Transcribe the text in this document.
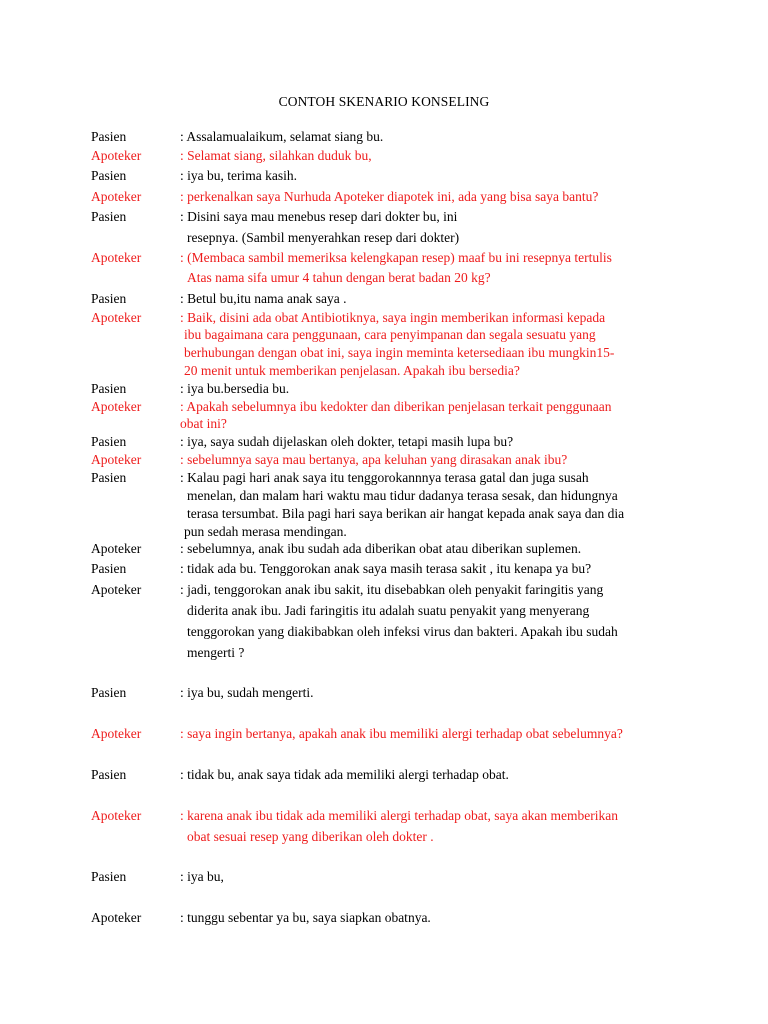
CONTOH SKENARIO KONSELING
Pasien	: Assalamualaikum, selamat siang bu.
Apoteker	: Selamat siang, silahkan duduk bu,
Pasien	: iya bu, terima kasih.
Apoteker	: perkenalkan saya Nurhuda Apoteker diapotek ini, ada yang bisa saya bantu?
Pasien	: Disini saya mau menebus resep dari dokter bu, ini
resepnya. (Sambil menyerahkan resep dari dokter)
Apoteker	: (Membaca sambil memeriksa kelengkapan resep) maaf bu ini resepnya tertulis
Atas nama sifa umur 4 tahun dengan berat badan 20 kg?
Pasien	: Betul bu,itu nama anak saya .
Apoteker	: Baik, disini ada obat Antibiotiknya, saya ingin memberikan informasi kepada
ibu bagaimana cara penggunaan, cara penyimpanan dan segala sesuatu yang
berhubungan dengan obat ini, saya ingin meminta ketersediaan ibu mungkin15-
20 menit untuk memberikan penjelasan. Apakah ibu bersedia?
Pasien	: iya bu.bersedia bu.
Apoteker	: Apakah sebelumnya ibu kedokter dan diberikan penjelasan terkait penggunaan
obat ini?
Pasien	: iya, saya sudah dijelaskan oleh dokter, tetapi masih lupa bu?
Apoteker	: sebelumnya saya mau bertanya, apa keluhan yang dirasakan anak ibu?
Pasien	: Kalau pagi hari anak saya itu tenggorokannnya terasa gatal dan juga susah
menelan, dan malam hari waktu mau tidur dadanya terasa sesak, dan hidungnya
terasa tersumbat. Bila pagi hari saya berikan air hangat kepada anak saya dan dia
pun sedah merasa mendingan.
Apoteker	: sebelumnya, anak ibu sudah ada diberikan obat atau diberikan suplemen.
Pasien	: tidak ada bu. Tenggorokan anak saya masih terasa sakit , itu kenapa ya bu?
Apoteker	: jadi, tenggorokan anak ibu sakit, itu disebabkan oleh penyakit faringitis yang
diderita anak ibu. Jadi faringitis itu adalah suatu penyakit yang menyerang
tenggorokan yang diakibabkan oleh infeksi virus dan bakteri. Apakah ibu sudah
mengerti ?
Pasien	: iya bu, sudah mengerti.
Apoteker	: saya ingin bertanya, apakah anak ibu memiliki alergi terhadap obat sebelumnya?
Pasien	: tidak bu, anak saya tidak ada memiliki alergi terhadap obat.
Apoteker	: karena anak ibu tidak ada memiliki alergi terhadap obat, saya akan memberikan
obat sesuai resep yang diberikan oleh dokter .
Pasien	: iya bu,
Apoteker	: tunggu sebentar ya bu, saya siapkan obatnya.
